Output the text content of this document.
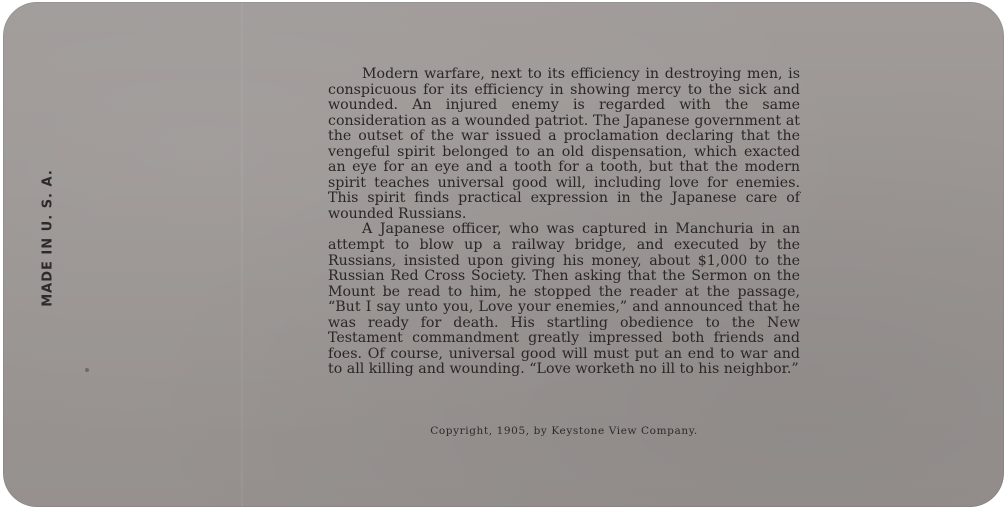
MADE IN U. S. A.

Modern warfare, next to its efficiency in destroying men, is conspicuous for its efficiency in showing mercy to the sick and wounded. An injured enemy is regarded with the same consideration as a wounded patriot. The Japanese government at the outset of the war issued a proclamation declaring that the vengeful spirit belonged to an old dispensation, which exacted an eye for an eye and a tooth for a tooth, but that the modern spirit teaches universal good will, including love for enemies. This spirit finds practical expression in the Japanese care of wounded Russians.

A Japanese officer, who was captured in Manchuria in an attempt to blow up a railway bridge, and executed by the Russians, insisted upon giving his money, about $1,000 to the Russian Red Cross Society. Then asking that the Sermon on the Mount be read to him, he stopped the reader at the passage, “But I say unto you, Love your enemies,” and announced that he was ready for death. His startling obedience to the New Testament commandment greatly impressed both friends and foes. Of course, universal good will must put an end to war and to all killing and wounding. “Love worketh no ill to his neighbor.”

Copyright, 1905, by Keystone View Company.
